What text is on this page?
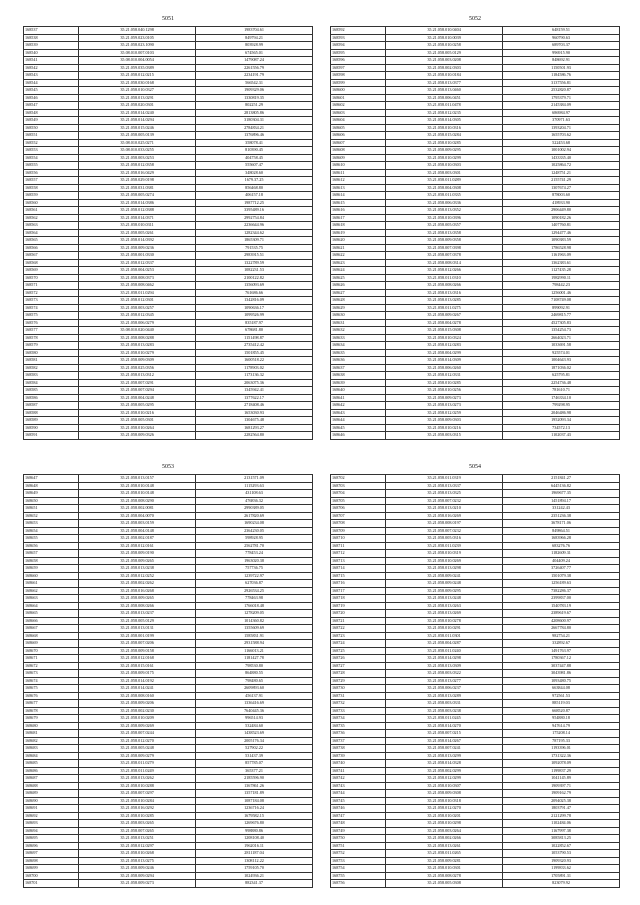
5051
168537	35.21.058.040.1298	1983704.61
168538	35.21.059.023.0105	849794.21
168539	35.21.058.023.1090	803928.99
168540	35.08.010.007.0103	674565.01
168541	35.08.010.004.0054	1479087.24
168542	35.21.059.035.0389	2261556.79
168543	35.21.058.012.0215	2234191.79
168544	35.21.058.030.0168	566542.31
168545	35.21.058.010.0327	1909329.06
168546	35.21.058.013.0291	1330819.35
168547	35.21.058.020.0301	802251.29
168548	35.21.058.014.0240	2813805.86
168549	35.21.058.014.0294	3180304.31
168550	35.21.058.015.0246	2784834.21
168551	35.21.058.005.0139	1376896.46
168552	35.08.010.025.0271	358078.41
168553	35.08.010.033.0255	810390.45
168554	35.21.058.003.0253	404758.45
168555	35.21.058.012.0358	555607.47
168556	35.21.058.016.0429	348028.60
168557	35.21.058.029.0198	1679.37.25
168558	35.21.058.031.0381	856468.80
168559	35.21.058.005.0274	406157.18
168560	35.21.058.014.0386	1987712.25
168561	35.21.058.012.0388	3395489.16
168562	35.21.058.014.0371	2992754.84
168563	35.21.058.010.0311	2236644.96
168564	35.21.058.005.0261	1282344.62
168565	35.21.058.014.0392	1865309.71
168566	35.21.058.009.0236	791535.75
168567	35.21.058.001.0330	2983915.51
168568	35.21.058.012.0337	1322789.59
168569	35.21.058.004.0253	1082231.53
168570	35.21.058.008.0373	2100122.82
168571	35.21.058.008.0462	1356093.69
168572	35.21.058.011.0294	761686.66
168573	35.21.058.012.0301	1342816.09
168574	35.21.058.003.0257	1090636.17
168575	35.21.058.012.0345	1099526.99
168576	35.21.058.006.0279	835187.97
168577	35.08.010.020.0440	678681.80
168578	35.21.058.008.0288	1151498.87
168579	35.21.058.013.0283	2735412.42
168580	35.21.058.010.0279	1501855.45
168581	35.21.058.009.0309	1600518.22
168582	35.21.058.025.0356	1178903.02
168583	35.21.058.013.0312	1173136.32
168584	35.21.058.007.0291	2063075.36
168585	35.21.058.007.0294	1345942.41
168586	35.21.058.004.0248	1377622.17
168587	35.21.058.005.0295	2718408.46
168588	35.21.058.010.0216	1653030.93
168589	35.21.058.005.0301	1304675.48
168590	35.21.058.010.0264	1681293.27
168591	35.21.058.009.0326	2282564.80
5052
168592	35.21.058.010.0404	648159.51
168593	35.21.058.010.0039	960790.63
168594	35.21.058.010.0258	689703.37
168595	35.21.058.005.0129	996915.90
168596	35.21.058.003.0208	848692.91
168597	35.21.058.002.0303	1150501.93
168598	35.21.058.010.0184	1184586.76
168599	35.21.058.013.0377	3137556.81
168600	35.21.058.013.0460	2532820.87
168601	35.21.058.006.0451	1795379.71
168602	35.21.058.011.0478	2145384.09
168603	35.21.058.012.0235	686984.97
168604	35.21.058.014.0305	370971.63
168605	35.21.058.010.0316	1393204.71
168606	35.21.058.015.0284	1655703.62
168607	35.21.058.010.0285	522453.68
168608	35.21.058.009.0295	1001002.94
168609	35.21.058.010.0299	1433335.40
168610	35.21.058.010.0303	1025864.72
168611	35.21.058.003.0301	1248751.21
168612	35.21.058.011.0289	2155741.29
168613	35.21.058.004.0308	1307674.27
168614	35.21.058.011.0335	878003.60
168615	35.21.058.006.0336	418933.90
168616	35.21.058.013.0352	2906449.80
168617	35.21.058.010.0396	1090182.26
168618	35.21.058.005.0357	1407760.81
168619	35.21.058.013.0358	1294477.46
168620	35.21.058.009.0358	1090383.59
168621	35.21.058.007.0398	1786528.98
168622	35.21.058.007.0378	1161963.09
168623	35.21.058.008.0314	1362383.61
168624	35.21.058.012.0266	1127435.28
168625	35.21.058.011.0310	1982990.11
168626	35.21.058.008.0266	798442.23
168627	35.21.058.013.0316	1256001.46
168628	35.21.058.013.0285	7108749.08
168629	35.21.058.011.0275	899092.91
168630	35.21.058.009.0267	2469815.77
168631	35.21.058.004.0278	4527305.83
168632	35.21.058.015.0308	1354254.73
168633	35.21.058.010.0324	2664023.71
168634	35.21.058.012.0283	1033691.58
168635	35.21.058.004.0299	925574.01
168636	35.21.058.014.0309	1004643.93
168637	35.21.058.006.0260	1871036.02
168638	35.21.058.012.0331	625795.81
168639	35.21.058.010.0285	2254736.48
168640	35.21.058.010.0256	781610.71
168641	35.21.058.009.0273	1746334.10
168642	35.21.058.013.0273	799298.95
168643	35.21.058.012.0259	2046486.98
168644	35.21.058.009.0303	1952093.34
168645	35.21.058.010.0216	734572.13
168646	35.21.058.003.0315	1102037.43
5053
168647	35.21.058.013.0157	2131571.09
168648	35.21.058.010.0148	1115293.63
168649	35.21.058.010.0148	431108.63
168650	35.21.058.008.0290	476836.32
168651	35.21.058.002.0081	2990389.05
168652	35.21.058.004.0070	2617820.69
168653	35.21.058.003.0159	1690234.08
168654	35.21.058.004.0148	2364230.05
168655	35.21.058.002.0187	598928.95
168656	35.21.058.012.0161	2562781.70
168657	35.21.058.009.0190	778453.24
168658	35.21.058.009.0265	1963020.38
168659	35.21.058.013.0238	757736.75
168660	35.21.058.012.0252	1239722.97
168661	35.21.058.002.0262	627036.87
168662	35.21.058.016.0268	2926534.25
168663	35.21.058.009.0265	778463.98
168664	35.21.058.008.0266	1766018.48
168665	35.21.058.013.0237	1278209.05
168666	35.21.058.005.0129	1014360.82
168667	35.21.058.013.0131	1355609.69
168668	35.21.058.001.0199	1585831.91
168669	35.21.058.007.0206	2931588.94
168670	35.21.058.009.0158	1166013.21
168671	35.21.058.012.0168	1181427.78
168672	35.21.058.015.0161	798530.80
168673	35.21.058.009.0175	864880.55
168674	35.21.058.014.0192	798480.65
168675	35.21.058.014.0241	2609893.60
168676	35.21.058.008.0160	456137.91
168677	35.21.058.009.0206	1336416.69
168678	35.21.058.002.0230	7640445.36
168679	35.21.058.010.0209	996514.93
168680	35.21.058.009.0269	532484.60
168681	35.21.058.007.0244	1438523.69
168682	35.21.058.012.0270	2005176.34
168683	35.21.058.005.0248	527902.22
168684	35.21.058.009.0279	531437.39
168685	35.21.058.011.0279	857785.07
168686	35.21.058.011.0249	365377.21
168687	35.21.058.013.0262	2185596.90
168688	35.21.058.010.0288	1367861.26
168689	35.21.058.007.0297	1357181.89
168690	35.21.058.010.0284	1087184.08
168691	35.21.058.016.0292	1236716.24
168692	35.21.058.010.0285	1679582.15
168693	35.21.058.003.0265	1269676.80
168694	35.21.058.007.0265	998880.86
168695	35.21.058.013.0251	1208108.40
168696	35.21.058.012.0297	1962016.11
168697	35.21.058.010.0268	2811187.04
168698	35.21.058.013.0275	1308112.22
168699	35.21.058.009.0246	1759105.70
168700	35.21.058.009.0294	1024936.21
168701	35.21.058.009.0273	882341.37
5054
168702	35.21.058.011.0319	2151841.27
168703	35.21.058.013.0337	6445136.82
168704	35.21.058.013.0325	1969677.35
168705	35.21.058.007.0232	1451894.17
168706	35.21.058.013.0210	331242.43
168707	35.21.058.016.0269	2351236.38
168708	35.21.058.008.0197	3678171.06
168709	35.21.058.007.0232	849864.51
168710	35.21.058.005.0316	1683966.28
168711	35.21.058.011.0239	683276.76
168712	35.21.058.010.0319	1182609.31
168713	35.21.058.010.0269	404409.24
168714	35.21.058.013.0298	3726407.77
168715	35.21.058.009.0241	1501079.38
168716	35.21.058.009.0248	1256189.63
168717	35.21.058.009.0295	7382286.37
168718	35.21.058.013.0248	2399837.00
168719	35.21.058.013.0263	1540783.19
168720	35.21.058.013.0269	2389619.67
168721	35.21.058.010.0278	4208600.97
168722	35.21.058.010.0291	2667784.80
168723	35.21.058.011.0301	982754.21
168724	35.21.058.004.0287	332892.67
168725	35.21.058.011.0240	1491763.97
168726	35.21.058.014.0298	1780367.12
168727	35.21.058.013.0309	3037447.88
168728	35.21.058.003.0322	3043981.86
168729	35.21.058.013.0277	1093480.75
168730	35.21.058.006.0237	663844.08
168731	35.21.058.013.0289	972561.53
168732	35.21.058.003.0331	885119.03
168733	35.21.058.003.0238	668520.87
168734	35.21.058.011.0245	954880.18
168735	35.21.058.014.0270	947614.79
168736	35.21.058.007.0215	175208.14
168737	35.21.058.014.0267	787195.33
168738	35.21.058.007.0241	1193396.01
168739	35.21.058.013.0299	1731322.36
168740	35.21.058.014.0328	1092078.09
168741	35.21.058.002.0299	1199837.29
168742	35.21.058.012.0299	1041145.89
168743	35.21.058.010.0307	1909397.71
168744	35.21.058.009.0308	1909162.79
168745	35.21.058.010.0318	2094025.38
168746	35.21.058.012.0270	1803791.47
168747	35.21.058.010.0201	2121299.78
168748	35.21.058.010.0298	1102484.06
168749	35.21.058.003.0264	1167997.38
168750	35.21.058.002.0266	3085813.25
168751	35.21.058.013.0261	1022852.67
168752	35.21.058.011.0265	1053790.53
168753	35.21.058.009.0281	1909320.93
168754	35.21.058.010.0301	1199833.62
168755	35.21.058.008.0278	1705891.31
168756	35.21.058.005.0308	823079.92
